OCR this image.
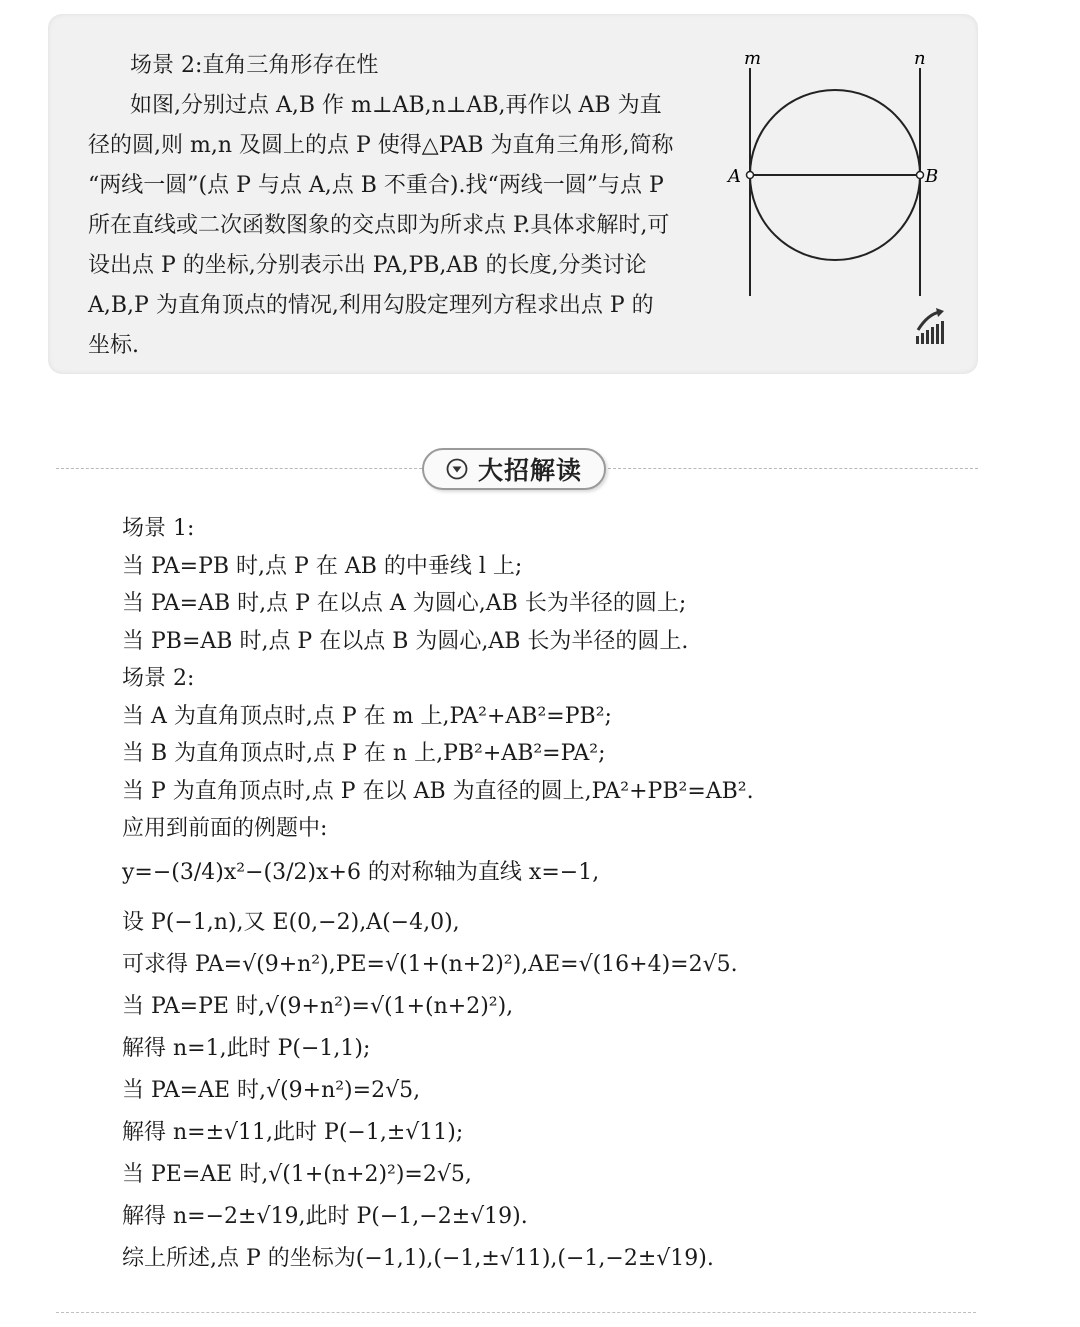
场景 2:直角三角形存在性
如图,分别过点 A,B 作 m⊥AB,n⊥AB,再作以 AB 为直
径的圆,则 m,n 及圆上的点 P 使得△PAB 为直角三角形,简称
“两线一圆”(点 P 与点 A,点 B 不重合).找“两线一圆”与点 P
所在直线或二次函数图象的交点即为所求点 P.具体求解时,可
设出点 P 的坐标,分别表示出 PA,PB,AB 的长度,分类讨论
A,B,P 为直角顶点的情况,利用勾股定理列方程求出点 P 的
坐标.
m	n
A	B
大招解读
场景 1:
当 PA=PB 时,点 P 在 AB 的中垂线 l 上;
当 PA=AB 时,点 P 在以点 A 为圆心,AB 长为半径的圆上;
当 PB=AB 时,点 P 在以点 B 为圆心,AB 长为半径的圆上.
场景 2:
当 A 为直角顶点时,点 P 在 m 上,PA²+AB²=PB²;
当 B 为直角顶点时,点 P 在 n 上,PB²+AB²=PA²;
当 P 为直角顶点时,点 P 在以 AB 为直径的圆上,PA²+PB²=AB².
应用到前面的例题中:
y=−(3/4)x²−(3/2)x+6 的对称轴为直线 x=−1,
设 P(−1,n),又 E(0,−2),A(−4,0),
可求得 PA=√(9+n²),PE=√(1+(n+2)²),AE=√(16+4)=2√5.
当 PA=PE 时,√(9+n²)=√(1+(n+2)²),
解得 n=1,此时 P(−1,1);
当 PA=AE 时,√(9+n²)=2√5,
解得 n=±√11,此时 P(−1,±√11);
当 PE=AE 时,√(1+(n+2)²)=2√5,
解得 n=−2±√19,此时 P(−1,−2±√19).
综上所述,点 P 的坐标为(−1,1),(−1,±√11),(−1,−2±√19).
